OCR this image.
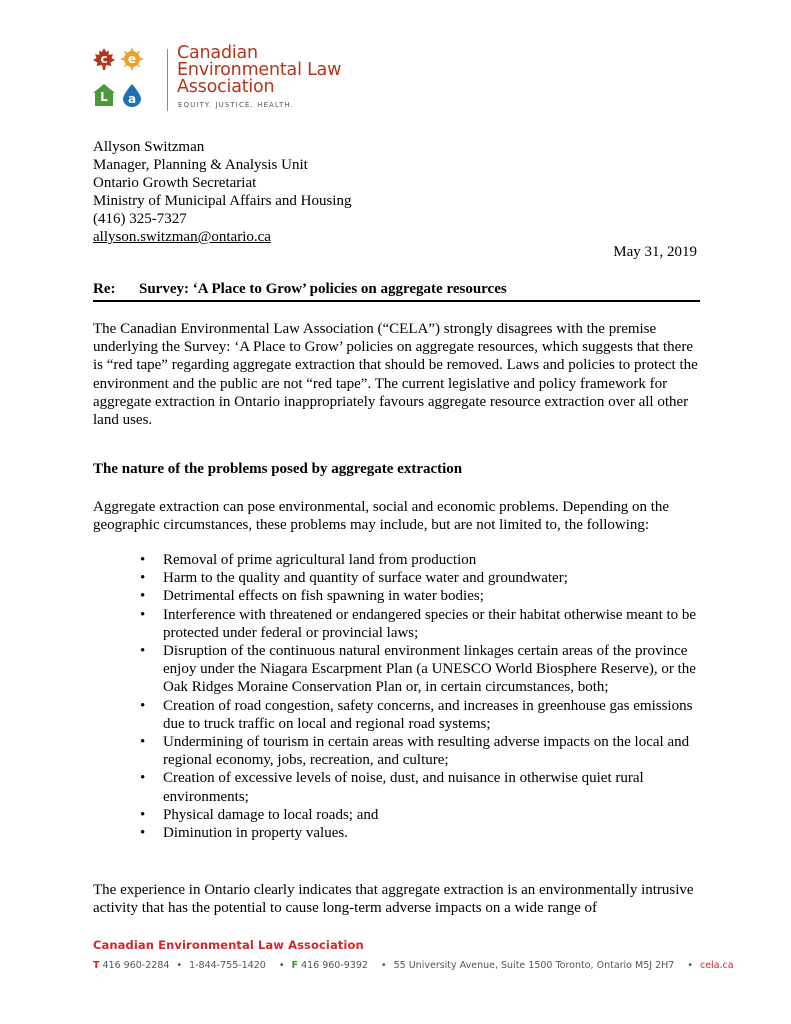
c	e
L	a
Canadian
Environmental Law
Association
EQUITY. JUSTICE. HEALTH.
Allyson Switzman
Manager, Planning & Analysis Unit
Ontario Growth Secretariat
Ministry of Municipal Affairs and Housing
(416) 325-7327
allyson.switzman@ontario.ca
May 31, 2019
Re: Survey: ‘A Place to Grow’ policies on aggregate resources
The Canadian Environmental Law Association (“CELA”) strongly disagrees with the premise underlying the Survey: ‘A Place to Grow’ policies on aggregate resources, which suggests that there is “red tape” regarding aggregate extraction that should be removed. Laws and policies to protect the environment and the public are not “red tape”. The current legislative and policy framework for aggregate extraction in Ontario inappropriately favours aggregate resource extraction over all other land uses.
The nature of the problems posed by aggregate extraction
Aggregate extraction can pose environmental, social and economic problems. Depending on the geographic circumstances, these problems may include, but are not limited to, the following:
• Removal of prime agricultural land from production
• Harm to the quality and quantity of surface water and groundwater;
• Detrimental effects on fish spawning in water bodies;
• Interference with threatened or endangered species or their habitat otherwise meant to be protected under federal or provincial laws;
• Disruption of the continuous natural environment linkages certain areas of the province enjoy under the Niagara Escarpment Plan (a UNESCO World Biosphere Reserve), or the Oak Ridges Moraine Conservation Plan or, in certain circumstances, both;
• Creation of road congestion, safety concerns, and increases in greenhouse gas emissions due to truck traffic on local and regional road systems;
• Undermining of tourism in certain areas with resulting adverse impacts on the local and regional economy, jobs, recreation, and culture;
• Creation of excessive levels of noise, dust, and nuisance in otherwise quiet rural environments;
• Physical damage to local roads; and
• Diminution in property values.
The experience in Ontario clearly indicates that aggregate extraction is an environmentally intrusive activity that has the potential to cause long-term adverse impacts on a wide range of
Canadian Environmental Law Association
T 416 960-2284 • 1-844-755-1420 • F 416 960-9392 • 55 University Avenue, Suite 1500 Toronto, Ontario M5J 2H7 • cela.ca
